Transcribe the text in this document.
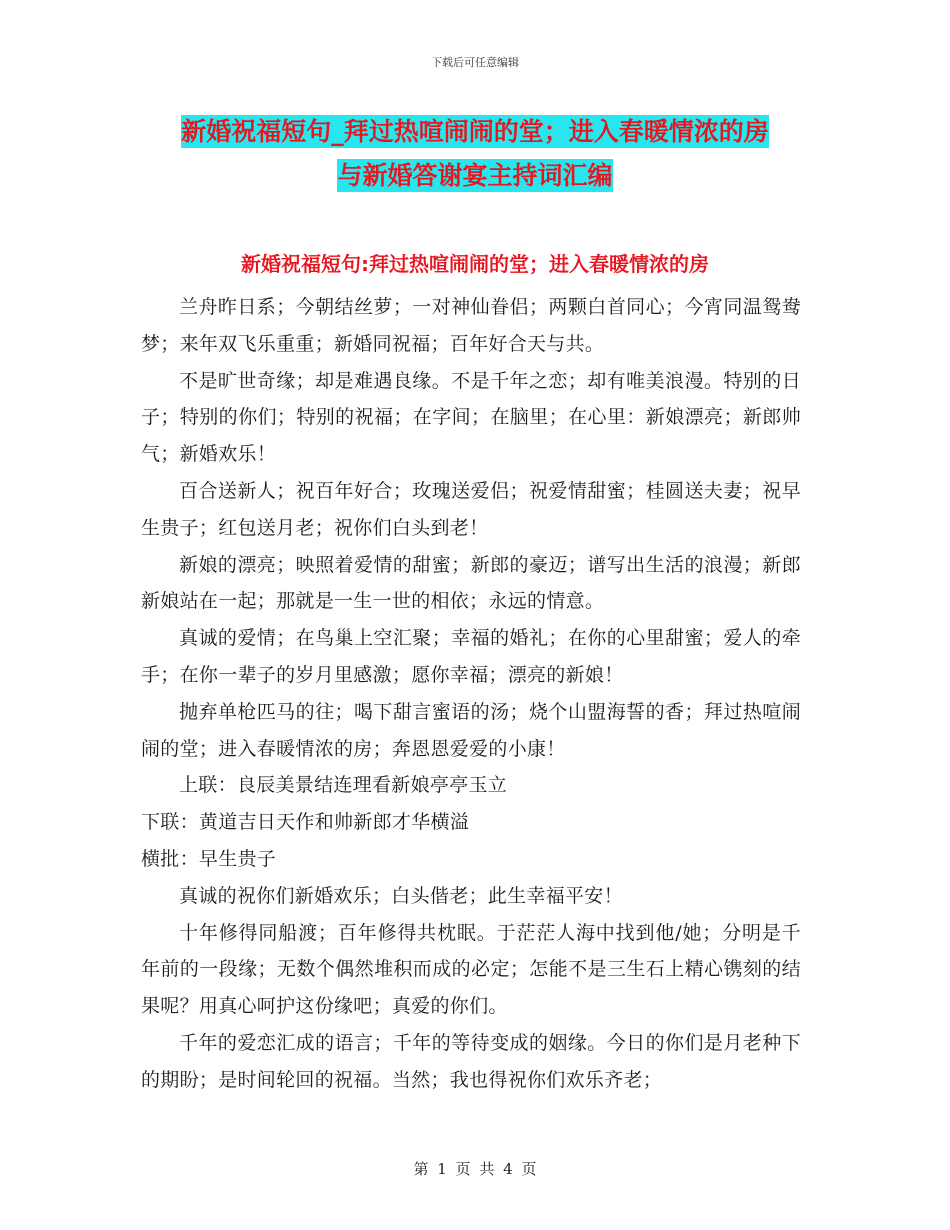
下载后可任意编辑
新婚祝福短句_拜过热喧闹闹的堂；进入春暖情浓的房
与新婚答谢宴主持词汇编
新婚祝福短句:拜过热喧闹闹的堂；进入春暖情浓的房

兰舟昨日系；今朝结丝萝；一对神仙眷侣；两颗白首同心；今宵同温鸳鸯梦；来年双飞乐重重；新婚同祝福；百年好合天与共。

不是旷世奇缘；却是难遇良缘。不是千年之恋；却有唯美浪漫。特别的日子；特别的你们；特别的祝福；在字间；在脑里；在心里：新娘漂亮；新郎帅气；新婚欢乐！

百合送新人；祝百年好合；玫瑰送爱侣；祝爱情甜蜜；桂圆送夫妻；祝早生贵子；红包送月老；祝你们白头到老！

新娘的漂亮；映照着爱情的甜蜜；新郎的豪迈；谱写出生活的浪漫；新郎新娘站在一起；那就是一生一世的相依；永远的情意。

真诚的爱情；在鸟巢上空汇聚；幸福的婚礼；在你的心里甜蜜；爱人的牵手；在你一辈子的岁月里感激；愿你幸福；漂亮的新娘！

抛弃单枪匹马的往；喝下甜言蜜语的汤；烧个山盟海誓的香；拜过热喧闹闹的堂；进入春暖情浓的房；奔恩恩爱爱的小康！

上联：良辰美景结连理看新娘亭亭玉立

下联：黄道吉日天作和帅新郎才华横溢

横批：早生贵子

真诚的祝你们新婚欢乐；白头偕老；此生幸福平安！

十年修得同船渡；百年修得共枕眠。于茫茫人海中找到他/她；分明是千年前的一段缘；无数个偶然堆积而成的必定；怎能不是三生石上精心镌刻的结果呢？用真心呵护这份缘吧；真爱的你们。

千年的爱恋汇成的语言；千年的等待变成的姻缘。今日的你们是月老种下的期盼；是时间轮回的祝福。当然；我也得祝你们欢乐齐老；

第 1 页 共 4 页
